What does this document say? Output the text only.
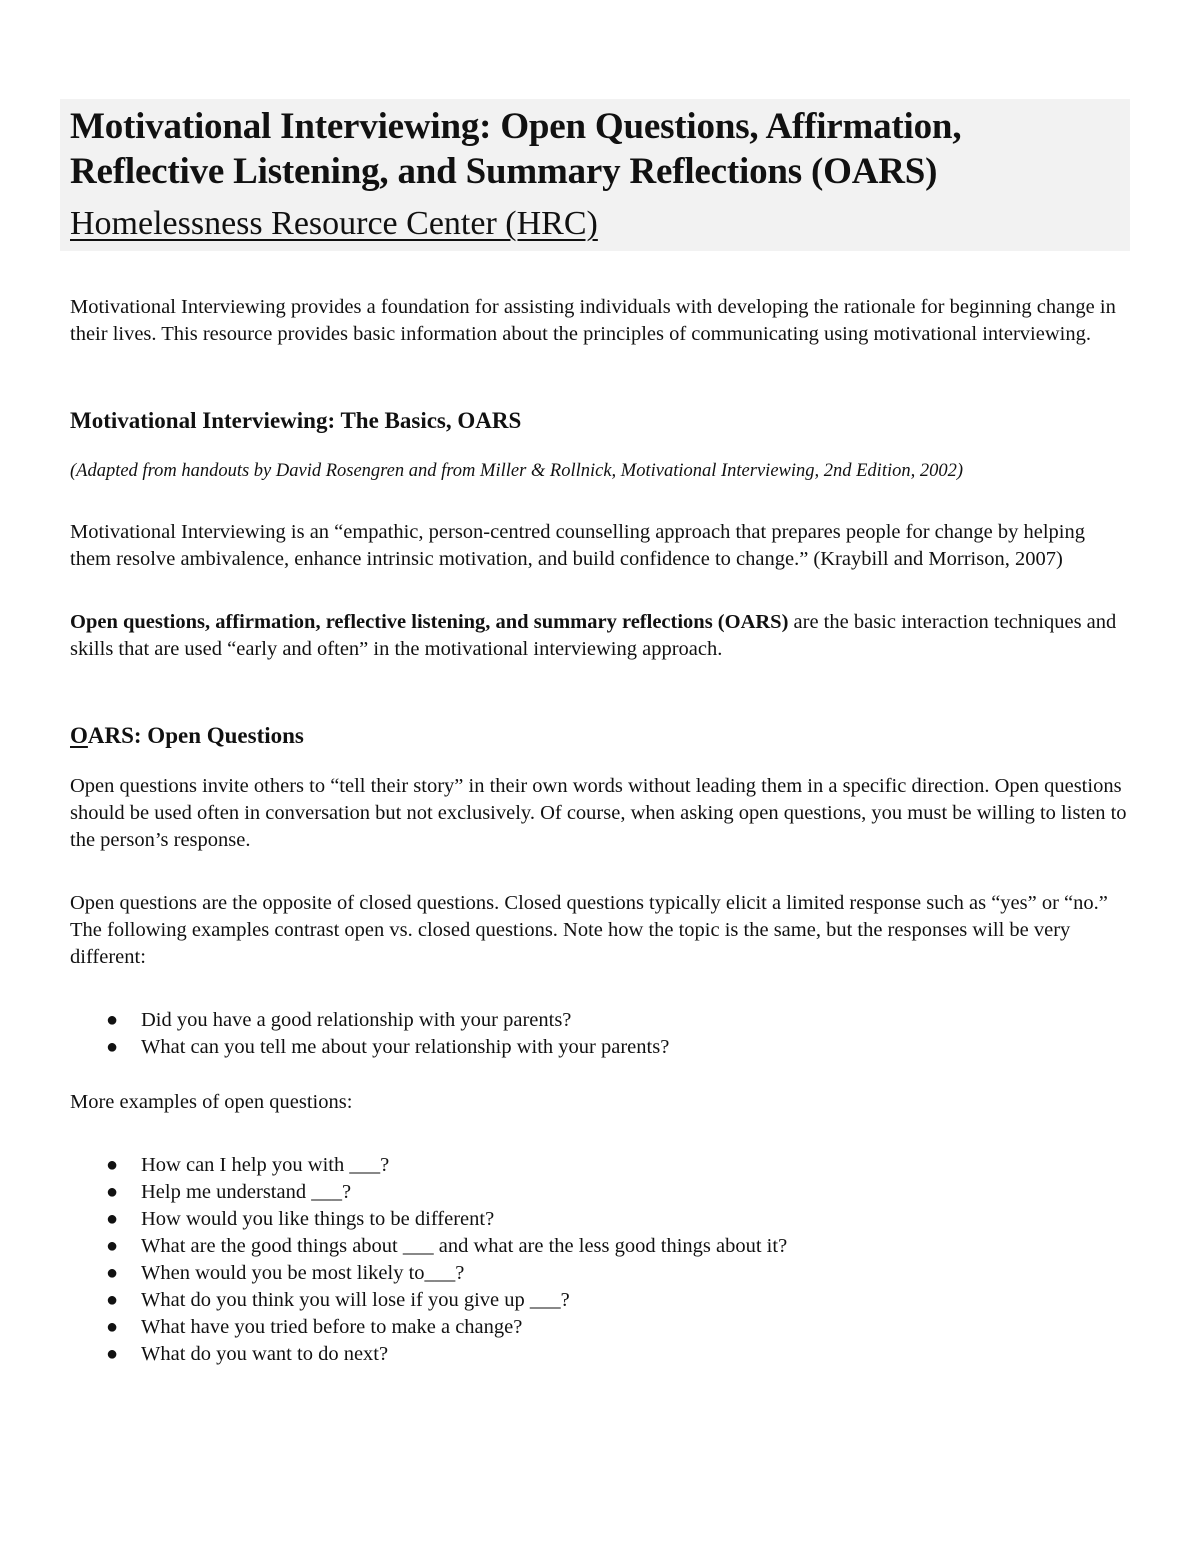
Motivational Interviewing: Open Questions, Affirmation,
Reflective Listening, and Summary Reflections (OARS)
Homelessness Resource Center (HRC)

Motivational Interviewing provides a foundation for assisting individuals with developing the rationale for beginning change in their lives. This resource provides basic information about the principles of communicating using motivational interviewing.

Motivational Interviewing: The Basics, OARS

(Adapted from handouts by David Rosengren and from Miller & Rollnick, Motivational Interviewing, 2nd Edition, 2002)

Motivational Interviewing is an “empathic, person-centred counselling approach that prepares people for change by helping them resolve ambivalence, enhance intrinsic motivation, and build confidence to change.” (Kraybill and Morrison, 2007)

Open questions, affirmation, reflective listening, and summary reflections (OARS) are the basic interaction techniques and skills that are used “early and often” in the motivational interviewing approach.

OARS: Open Questions

Open questions invite others to “tell their story” in their own words without leading them in a specific direction. Open questions should be used often in conversation but not exclusively. Of course, when asking open questions, you must be willing to listen to the person’s response.

Open questions are the opposite of closed questions. Closed questions typically elicit a limited response such as “yes” or “no.” The following examples contrast open vs. closed questions. Note how the topic is the same, but the responses will be very different:

● Did you have a good relationship with your parents?
● What can you tell me about your relationship with your parents?

More examples of open questions:

● How can I help you with ___?
● Help me understand ___?
● How would you like things to be different?
● What are the good things about ___ and what are the less good things about it?
● When would you be most likely to___?
● What do you think you will lose if you give up ___?
● What have you tried before to make a change?
● What do you want to do next?
